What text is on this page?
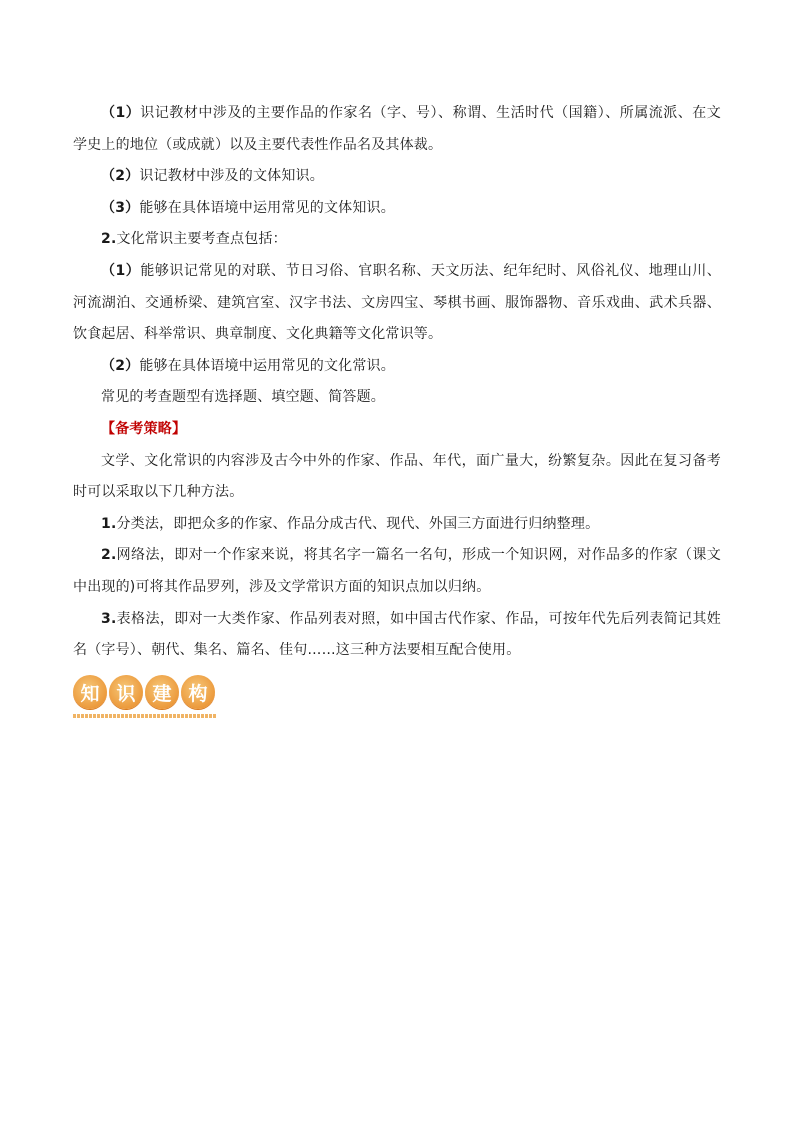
（1）识记教材中涉及的主要作品的作家名（字、号）、称谓、生活时代（国籍）、所属流派、在文学史上的地位（或成就）以及主要代表性作品名及其体裁。

（2）识记教材中涉及的文体知识。

（3）能够在具体语境中运用常见的文体知识。

2.文化常识主要考查点包括：

（1）能够识记常见的对联、节日习俗、官职名称、天文历法、纪年纪时、风俗礼仪、地理山川、河流湖泊、交通桥梁、建筑宫室、汉字书法、文房四宝、琴棋书画、服饰器物、音乐戏曲、武术兵器、饮食起居、科举常识、典章制度、文化典籍等文化常识等。

（2）能够在具体语境中运用常见的文化常识。

常见的考查题型有选择题、填空题、简答题。

【备考策略】

文学、文化常识的内容涉及古今中外的作家、作品、年代，面广量大，纷繁复杂。因此在复习备考时可以采取以下几种方法。

1.分类法，即把众多的作家、作品分成古代、现代、外国三方面进行归纳整理。

2.网络法，即对一个作家来说，将其名字一篇名一名句，形成一个知识网，对作品多的作家（课文中出现的)可将其作品罗列，涉及文学常识方面的知识点加以归纳。

3.表格法，即对一大类作家、作品列表对照，如中国古代作家、作品，可按年代先后列表简记其姓名（字号）、朝代、集名、篇名、佳句……这三种方法要相互配合使用。

知 识 建 构
